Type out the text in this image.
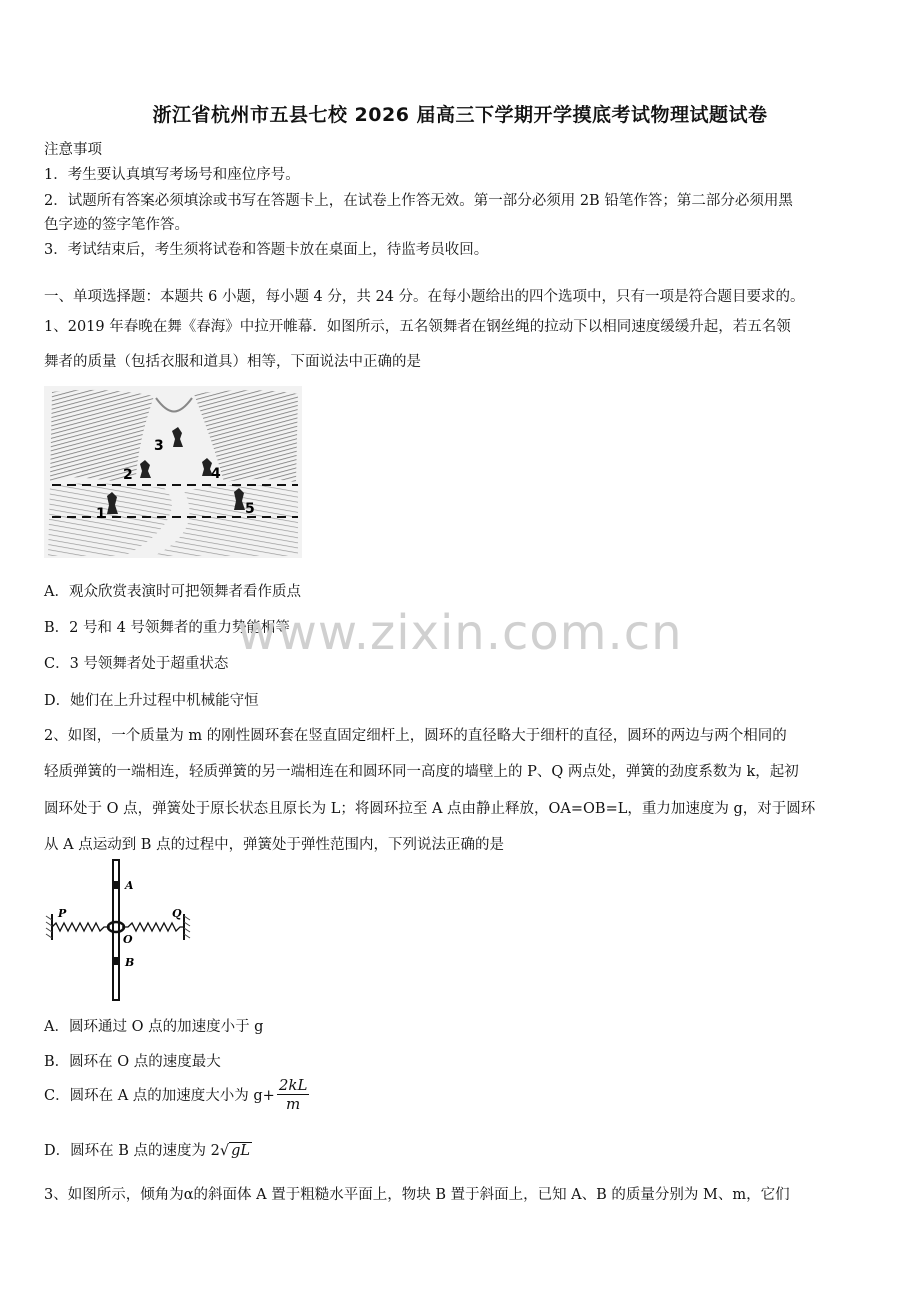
浙江省杭州市五县七校 2026 届高三下学期开学摸底考试物理试题试卷
注意事项
1．考生要认真填写考场号和座位序号。
2．试题所有答案必须填涂或书写在答题卡上，在试卷上作答无效。第一部分必须用 2B 铅笔作答；第二部分必须用黑
色字迹的签字笔作答。
3．考试结束后，考生须将试卷和答题卡放在桌面上，待监考员收回。
一、单项选择题：本题共 6 小题，每小题 4 分，共 24 分。在每小题给出的四个选项中，只有一项是符合题目要求的。
1、2019 年春晚在舞《春海》中拉开帷幕．如图所示，五名领舞者在钢丝绳的拉动下以相同速度缓缓升起，若五名领
舞者的质量（包括衣服和道具）相等，下面说法中正确的是
3
2	4
1	5
A．观众欣赏表演时可把领舞者看作质点
B．2 号和 4 号领舞者的重力势能相等
C．3 号领舞者处于超重状态
D．她们在上升过程中机械能守恒
www.zixin.com.cn
2、如图，一个质量为 m 的刚性圆环套在竖直固定细杆上，圆环的直径略大于细杆的直径，圆环的两边与两个相同的
轻质弹簧的一端相连，轻质弹簧的另一端相连在和圆环同一高度的墙壁上的 P、Q 两点处，弹簧的劲度系数为 k，起初
圆环处于 O 点，弹簧处于原长状态且原长为 L；将圆环拉至 A 点由静止释放，OA=OB=L，重力加速度为 g，对于圆环
从 A 点运动到 B 点的过程中，弹簧处于弹性范围内，下列说法正确的是
P	Q
A
O
B
A．圆环通过 O 点的加速度小于 g
B．圆环在 O 点的速度最大
C．圆环在 A 点的加速度大小为 $g+ \frac{2kL}{m}$
D．圆环在 B 点的速度为 2√ gL
3、如图所示，倾角为α的斜面体 A 置于粗糙水平面上，物块 B 置于斜面上，已知 A、B 的质量分别为 M、m，它们
